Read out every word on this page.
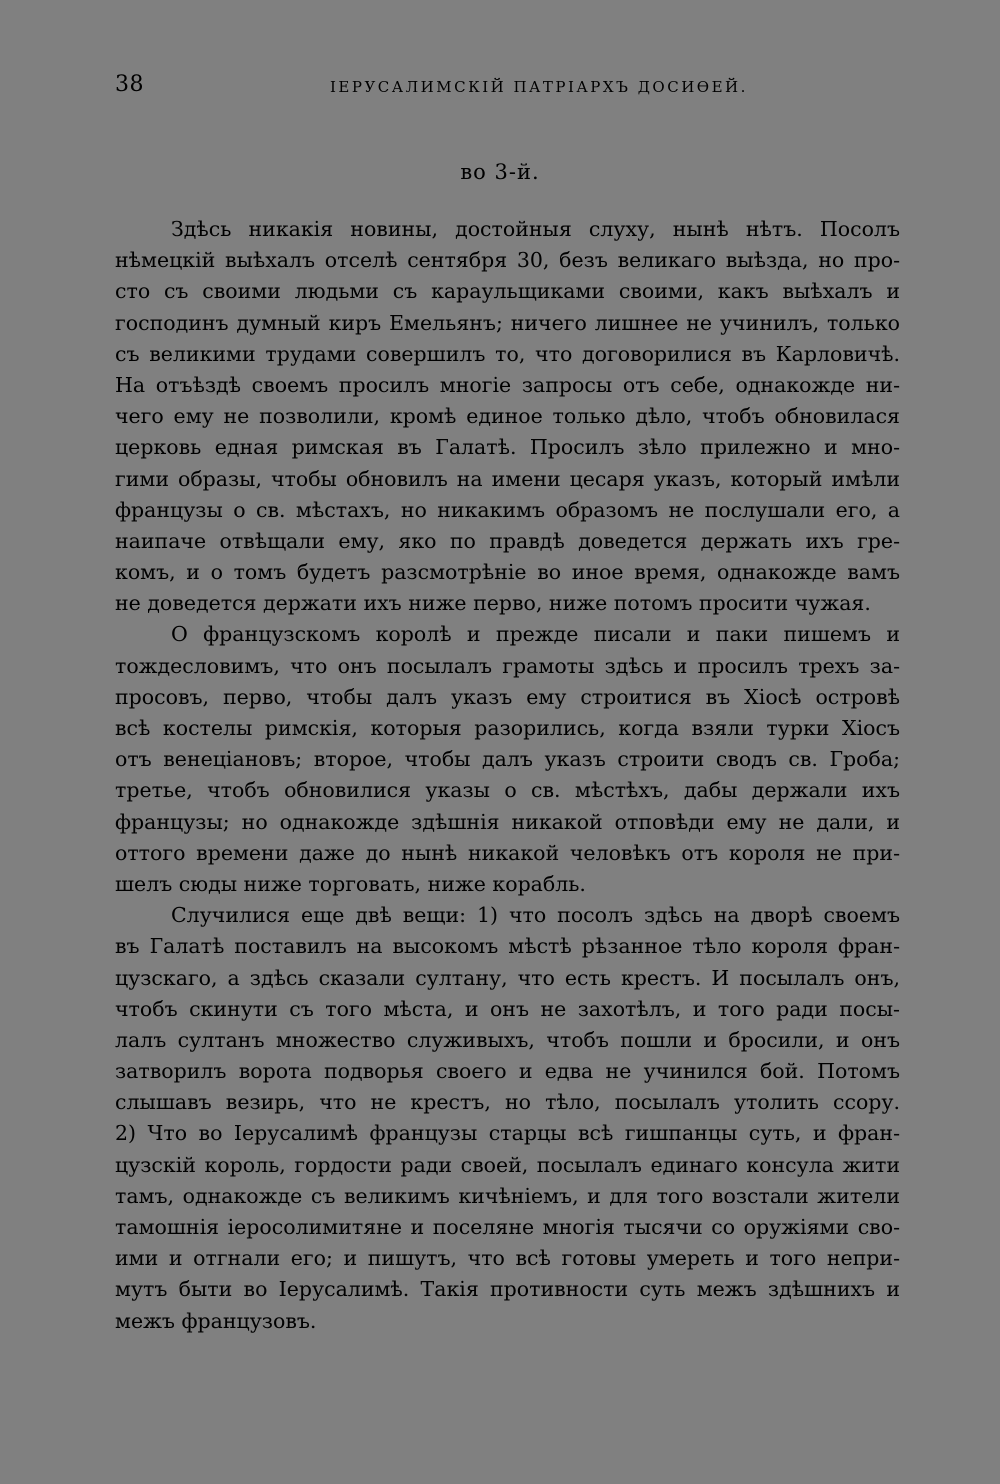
38	ІЕРУСАЛИМСКІЙ ПАТРІАРХЪ ДОСИѲЕЙ.
во 3-й.
Здѣсь никакія новины, достойныя слуху, нынѣ нѣтъ. Посолъ
нѣмецкій выѣхалъ отселѣ сентября 30, безъ великаго выѣзда, но про-
сто съ своими людьми съ караульщиками своими, какъ выѣхалъ и
господинъ думный киръ Емельянъ; ничего лишнее не учинилъ, только
съ великими трудами совершилъ то, что договорилися въ Карловичѣ.
На отъѣздѣ своемъ просилъ многіе запросы отъ себе, однакожде ни-
чего ему не позволили, кромѣ единое только дѣло, чтобъ обновилася
церковь едная римская въ Галатѣ. Просилъ зѣло прилежно и мно-
гими образы, чтобы обновилъ на имени цесаря указъ, который имѣли
французы о св. мѣстахъ, но никакимъ образомъ не послушали его, а
наипаче отвѣщали ему, яко по правдѣ доведется держать ихъ гре-
комъ, и о томъ будетъ разсмотрѣніе во иное время, однакожде вамъ
не доведется держати ихъ ниже перво, ниже потомъ просити чужая.
О французскомъ королѣ и прежде писали и паки пишемъ и
тождесловимъ, что онъ посылалъ грамоты здѣсь и просилъ трехъ за-
просовъ, перво, чтобы далъ указъ ему строитися въ Хіосѣ островѣ
всѣ костелы римскія, которыя разорились, когда взяли турки Хіосъ
отъ венеціановъ; второе, чтобы далъ указъ строити сводъ св. Гроба;
третье, чтобъ обновилися указы о св. мѣстѣхъ, дабы держали ихъ
французы; но однакожде здѣшнія никакой отповѣди ему не дали, и
оттого времени даже до нынѣ никакой человѣкъ отъ короля не при-
шелъ сюды ниже торговать, ниже корабль.
Случилися еще двѣ вещи: 1) что посолъ здѣсь на дворѣ своемъ
въ Галатѣ поставилъ на высокомъ мѣстѣ рѣзанное тѣло короля фран-
цузскаго, а здѣсь сказали султану, что есть крестъ. И посылалъ онъ,
чтобъ скинути съ того мѣста, и онъ не захотѣлъ, и того ради посы-
лалъ султанъ множество служивыхъ, чтобъ пошли и бросили, и онъ
затворилъ ворота подворья своего и едва не учинился бой. Потомъ
слышавъ везирь, что не крестъ, но тѣло, посылалъ утолить ссору.
2) Что во Іерусалимѣ французы старцы всѣ гишпанцы суть, и фран-
цузскій король, гордости ради своей, посылалъ единаго консула жити
тамъ, однакожде съ великимъ кичѣніемъ, и для того возстали жители
тамошнія іеросолимитяне и поселяне многія тысячи со оружіями сво-
ими и отгнали его; и пишутъ, что всѣ готовы умереть и того непри-
мутъ быти во Іерусалимѣ. Такія противности суть межъ здѣшнихъ и
межъ французовъ.
